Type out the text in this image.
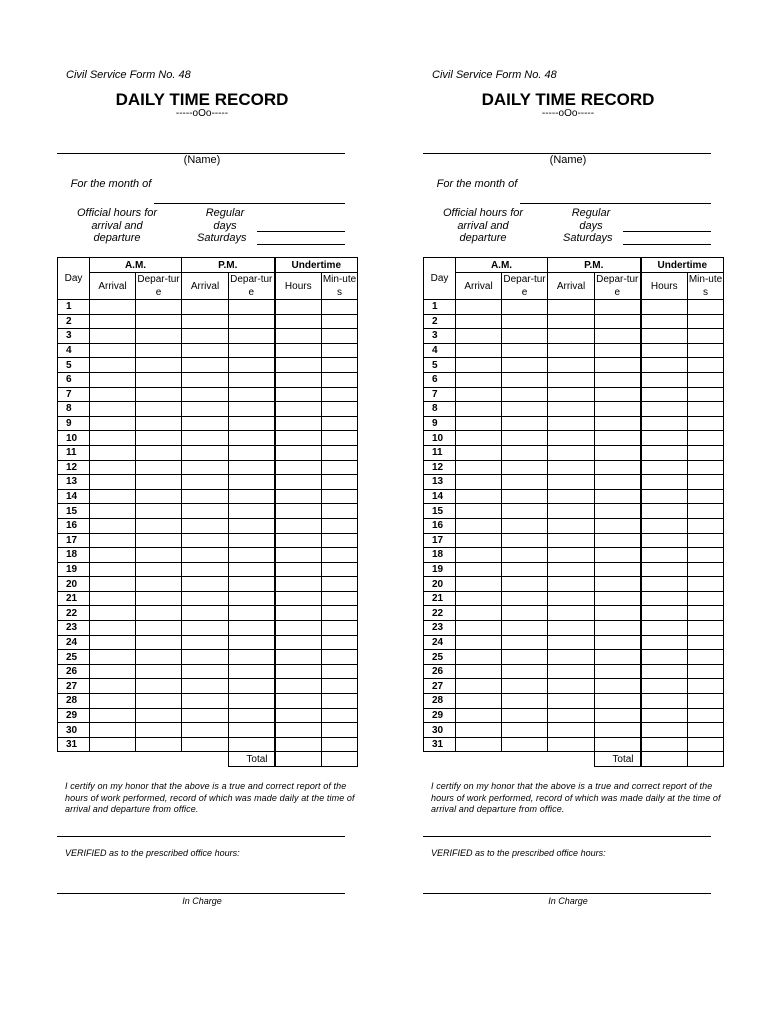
Civil Service Form No. 48
DAILY TIME RECORD
-----oOo-----
(Name)
For the month of
Official hours for arrival and departure
Regular days
Saturdays
Day	A.M.		P.M.		Undertime	
	Arrival	Depar-ture	Arrival	Depar-ture	Hours	Min-utes
1						
2						
3						
4						
5						
6						
7						
8						
9						
10						
11						
12						
13						
14						
15						
16						
17						
18						
19						
20						
21						
22						
23						
24						
25						
26						
27						
28						
29						
30						
31						
				Total		
I certify on my honor that the above is a true and correct report of the hours of work performed, record of which was made daily at the time of arrival and departure from office.
VERIFIED as to the prescribed office hours:
In Charge
Civil Service Form No. 48
DAILY TIME RECORD
-----oOo-----
(Name)
For the month of
Official hours for arrival and departure
Regular days
Saturdays
Day	A.M.		P.M.		Undertime	
	Arrival	Depar-ture	Arrival	Depar-ture	Hours	Min-utes
1						
2						
3						
4						
5						
6						
7						
8						
9						
10						
11						
12						
13						
14						
15						
16						
17						
18						
19						
20						
21						
22						
23						
24						
25						
26						
27						
28						
29						
30						
31						
				Total		
I certify on my honor that the above is a true and correct report of the hours of work performed, record of which was made daily at the time of arrival and departure from office.
VERIFIED as to the prescribed office hours:
In Charge
